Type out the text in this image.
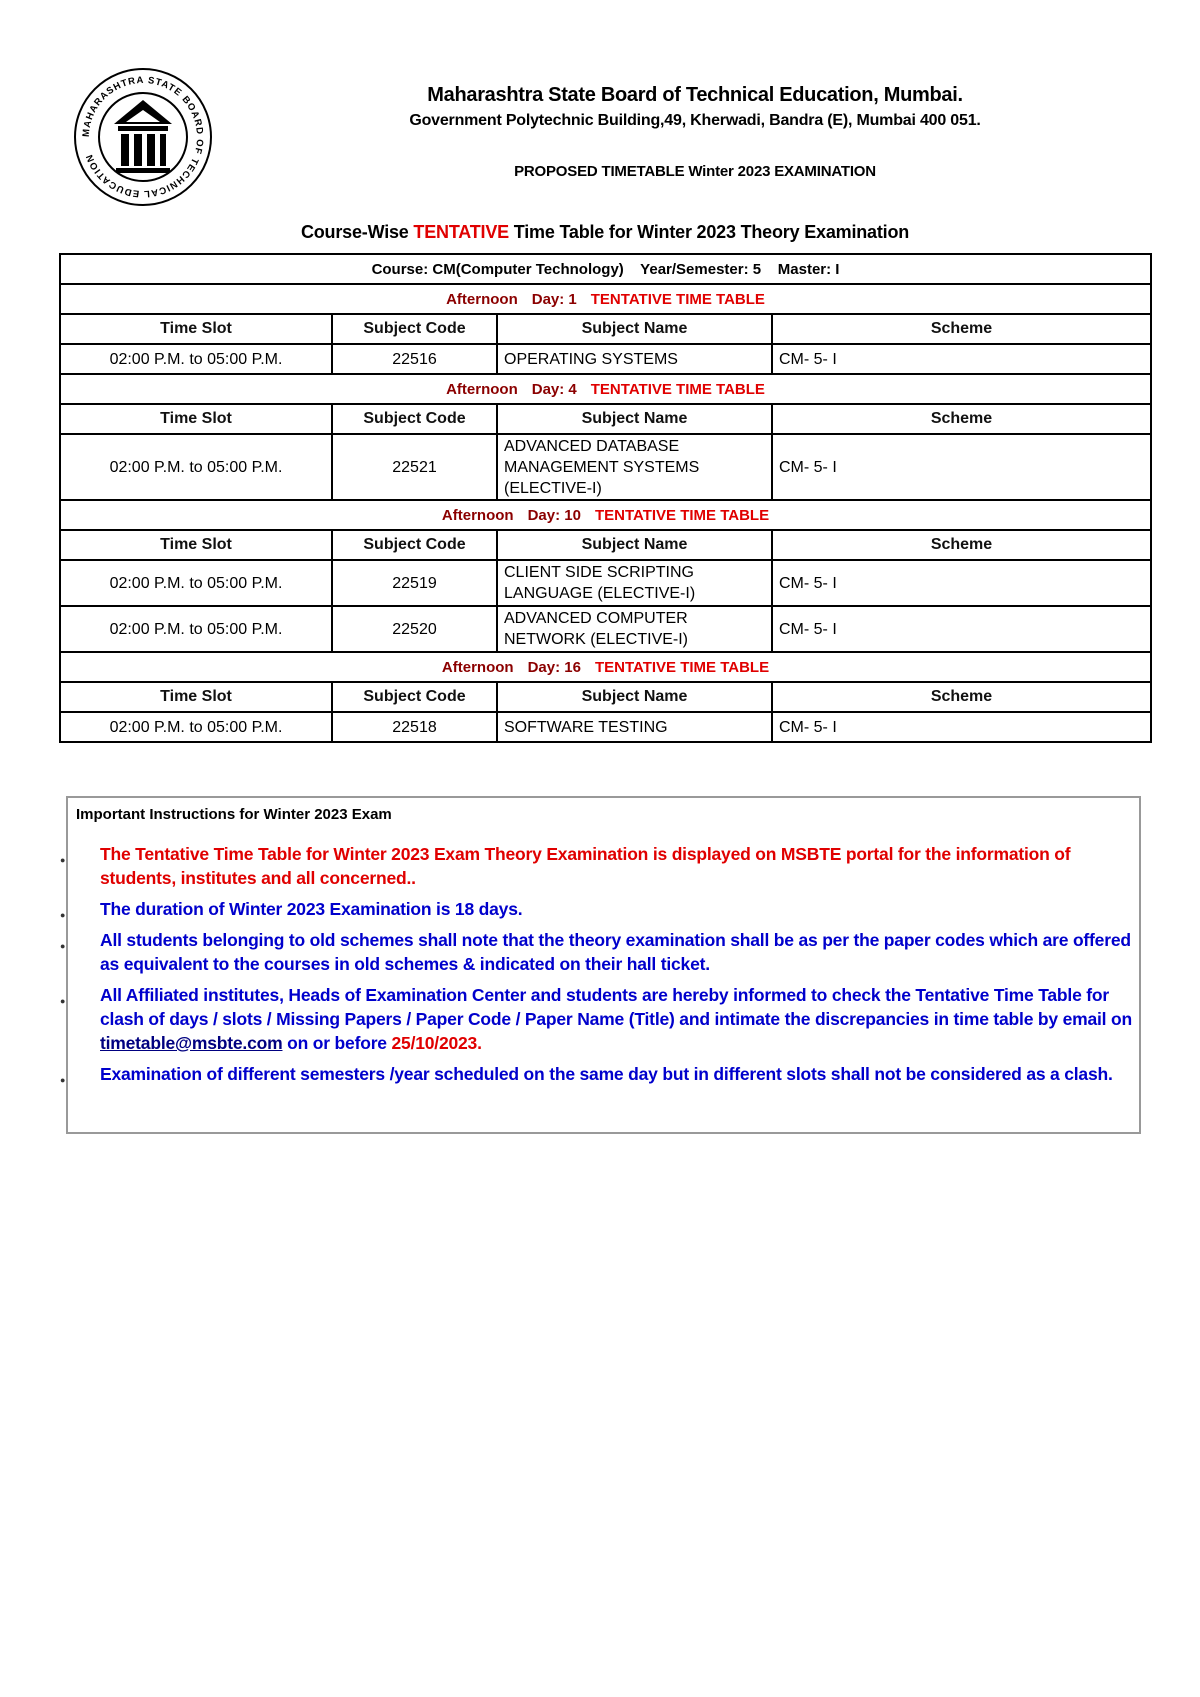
MAHARASHTRA STATE BOARD OF TECHNICAL EDUCATION
Maharashtra State Board of Technical Education, Mumbai.
Government Polytechnic Building,49, Kherwadi, Bandra (E), Mumbai 400 051.
PROPOSED TIMETABLE Winter 2023 EXAMINATION
Course-Wise TENTATIVE Time Table for Winter 2023 Theory Examination
Course: CM(Computer Technology)    Year/Semester: 5    Master: I			
Afternoon Day: 1 TENTATIVE TIME TABLE			
Time Slot	Subject Code	Subject Name	Scheme
02:00 P.M. to 05:00 P.M.	22516	OPERATING SYSTEMS	CM- 5- I
Afternoon Day: 4 TENTATIVE TIME TABLE			
Time Slot	Subject Code	Subject Name	Scheme
02:00 P.M. to 05:00 P.M.	22521	ADVANCED DATABASE MANAGEMENT SYSTEMS (ELECTIVE-I)	CM- 5- I
Afternoon Day: 10 TENTATIVE TIME TABLE			
Time Slot	Subject Code	Subject Name	Scheme
02:00 P.M. to 05:00 P.M.	22519	CLIENT SIDE SCRIPTING LANGUAGE (ELECTIVE-I)	CM- 5- I
02:00 P.M. to 05:00 P.M.	22520	ADVANCED COMPUTER NETWORK (ELECTIVE-I)	CM- 5- I
Afternoon Day: 16 TENTATIVE TIME TABLE			
Time Slot	Subject Code	Subject Name	Scheme
02:00 P.M. to 05:00 P.M.	22518	SOFTWARE TESTING	CM- 5- I
Important Instructions for Winter 2023 Exam
● The Tentative Time Table for Winter 2023 Exam Theory Examination is displayed on MSBTE portal for the information of students, institutes and all concerned..
● The duration of Winter 2023 Examination is 18 days.
● All students belonging to old schemes shall note that the theory examination shall be as per the paper codes which are offered as equivalent to the courses in old schemes & indicated on their hall ticket.
● All Affiliated institutes, Heads of Examination Center and students are hereby informed to check the Tentative Time Table for clash of days / slots / Missing Papers / Paper Code / Paper Name (Title) and intimate the discrepancies in time table by email on timetable@msbte.com on or before 25/10/2023.
● Examination of different semesters /year scheduled on the same day but in different slots shall not be considered as a clash.
